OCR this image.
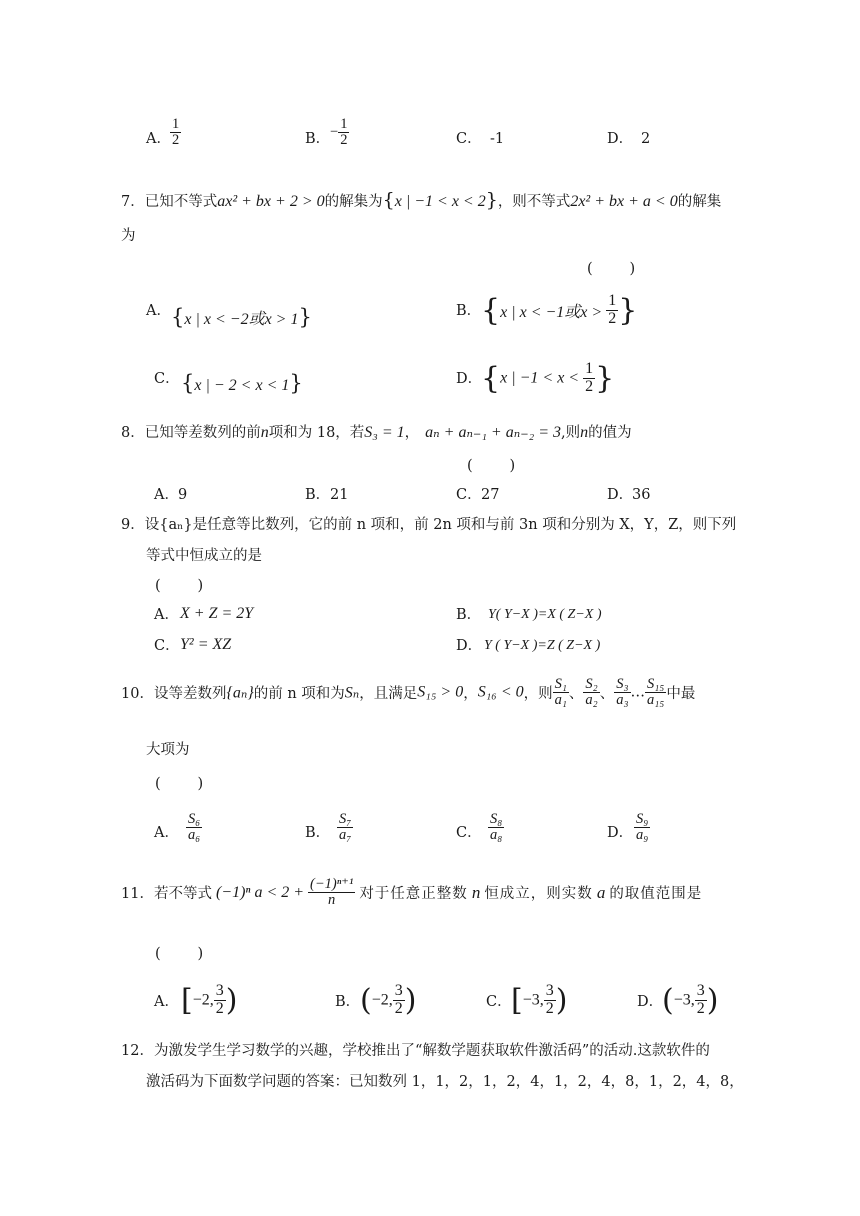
A． $\frac{1}{2}$	B． − $\frac{1}{2}$	C． -1	D． 2
7．已知不等式ax² + bx + 2 > 0的解集为{x | −1 < x < 2}，则不等式2x² + bx + a < 0的解集
为
(        )
A． {x | x < −2或x > 1}	B． {x | x < −1或$x > \frac{1}{2}$ }
C． {x | − 2 < x < 1}	D．
{x | $-1 < x < \frac{1}{2}$ }
8．已知等差数列的前n项和为 18，若S₃ = 1， aₙ + aₙ₋₁ + aₙ₋₂ = 3,则n的值为
(        )
A． 9	B． 21	C． 27	D．
36
9．设{aₙ}是任意等比数列，它的前 n 项和，前 2n 项和与前 3n 项和分别为 X，Y，Z，则下列
等式中恒成立的是
(        )
A． X + Z = 2Y	B． Y( Y−X )=X ( Z−X )
C． Y² = XZ	D． Y ( Y−X )=Z ( Z−X )
10．设等差数列{aₙ}的前 n 项和为Sₙ，且满足S₁₅ > 0，S₁₆ < 0，则 $\frac{\text{S₁}}{\text{a₁}}$ 、 $\frac{\text{S₂}}{\text{a₂}}$ 、 $\frac{\text{S₃}}{\text{a₃}}$ … $\frac{\text{S₁₅}}{\text{a₁₅}}$ 中最
大项为
(        )
A． $\frac{\text{S₆}}{\text{a₆}}$	B． $\frac{\text{S₇}}{\text{a₇}}$	C． $\frac{\text{S₈}}{\text{a₈}}$	D． $\frac{\text{S₉}}{\text{a₉}}$
11．若不等式 (−1)ⁿ $a < 2 + \frac{\text{(−1)ⁿ⁺¹}}{n}$ 对于任意正整数 n 恒成立，则实数 a 的取值范围是
(        )
A． [−2, $\frac{3}{2}$ )	B． (−2, $\frac{3}{2}$ )	C． [−3, $\frac{3}{2}$ )	D．
(−3, $\frac{3}{2}$ )
12．为激发学生学习数学的兴趣，学校推出了“解数学题获取软件激活码”的活动.这款软件的
激活码为下面数学问题的答案：已知数列 1，1，2，1，2，4，1，2，4，8，1，2，4，8，
